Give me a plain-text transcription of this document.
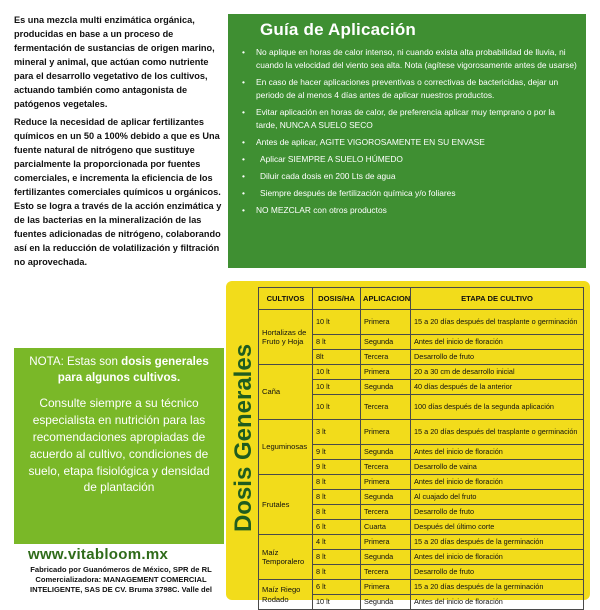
Es una mezcla multi enzimática orgánica, producidas en base a un proceso de fermentación de sustancias de origen marino, mineral y animal, que actúan como nutriente para el desarrollo vegetativo de los cultivos, actuando también como antagonista de patógenos vegetales.

Reduce la necesidad de aplicar fertilizantes químicos en un 50 a 100% debido a que es Una fuente natural de nitrógeno que sustituye parcialmente la proporcionada por fuentes comerciales, e incrementa la eficiencia de los fertilizantes comerciales químicos u orgánicos. Esto se logra a través de la acción enzimática y de las bacterias en la mineralización de las fuentes adicionadas de nitrógeno, colaborando así en la reducción de volatilización y filtración no aprovechada.

NOTA: Estas son dosis generales para algunos cultivos.

Consulte siempre a su técnico especialista en nutrición para las recomendaciones apropiadas de acuerdo al cultivo, condiciones de suelo, etapa fisiológica y densidad de plantación

www.vitabloom.mx
Fabricado por Guanómeros de México, SPR de RL Comercializadora: MANAGEMENT COMERCIAL INTELIGENTE, SAS DE CV. Bruma 3798C. Valle del
Guía de Aplicación
• No aplique en horas de calor intenso, ni cuando exista alta probabilidad de lluvia, ni cuando la velocidad del viento sea alta. Nota (agítese vigorosamente antes de usarse)
• En caso de hacer aplicaciones preventivas o correctivas de bactericidas, dejar un periodo de al menos 4 días antes de aplicar nuestros productos.
• Evitar aplicación en horas de calor, de preferencia aplicar muy temprano o por la tarde, NUNCA A SUELO SECO
• Antes de aplicar, AGITE VIGOROSAMENTE EN SU ENVASE
• Aplicar SIEMPRE A SUELO HÚMEDO
• Diluir cada dosis en 200 Lts de agua
• Siempre después de fertilización química y/o foliares
• NO MEZCLAR con otros productos
Dosis Generales
CULTIVOS	DOSIS/HA	APLICACION	ETAPA DE CULTIVO
Hortalizas de Fruto y Hoja	10 lt	Primera	15 a 20 días después del trasplante o germinación
	8 lt	Segunda	Antes del inicio de floración
	8lt	Tercera	Desarrollo de fruto
Caña	10 lt	Primera	20 a 30 cm de desarrollo inicial
	10 lt	Segunda	40 días después de la anterior
	10 lt	Tercera	100 días después de la segunda aplicación
Leguminosas	3 lt	Primera	15 a 20 días después del trasplante o germinación
	9 lt	Segunda	Antes del inicio de floración
	9 lt	Tercera	Desarrollo de vaina
Frutales	8 lt	Primera	Antes del inicio de floración
	8 lt	Segunda	Al cuajado del fruto
	8 lt	Tercera	Desarrollo de fruto
	6 lt	Cuarta	Después del último corte
Maíz Temporalero	4 lt	Primera	15 a 20 días después de la germinación
	8 lt	Segunda	Antes del inicio de floración
	8 lt	Tercera	Desarrollo de fruto
Maíz Riego Rodado	6 lt	Primera	15 a 20 días después de la germinación
	10 lt	Segunda	Antes del inicio de floración
